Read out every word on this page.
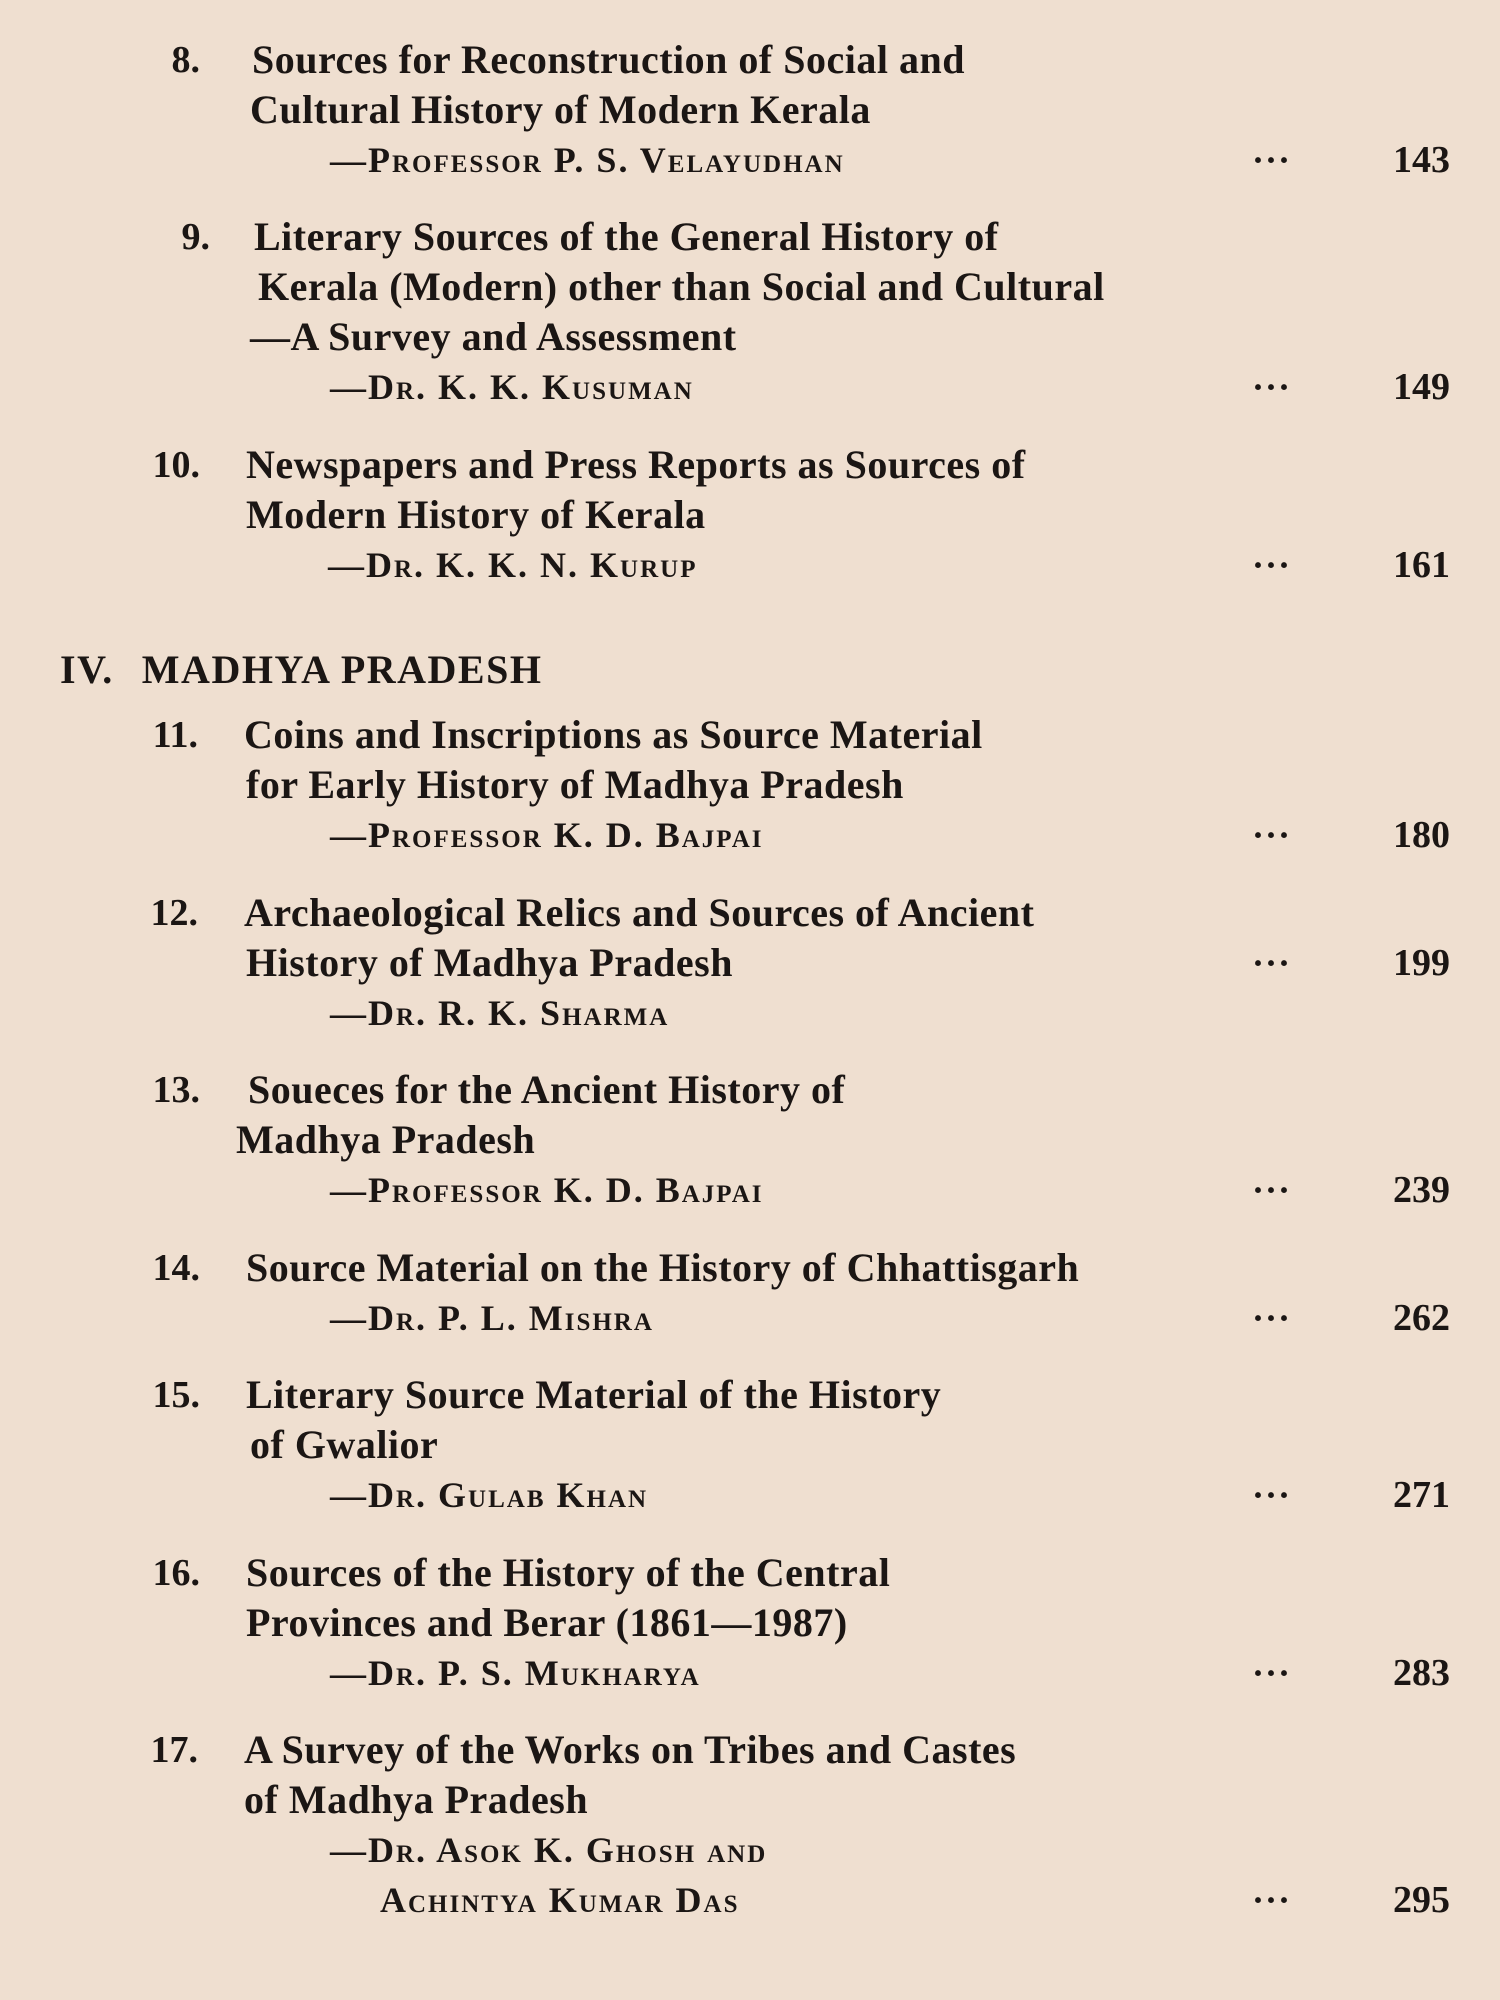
8. Sources for Reconstruction of Social and
Cultural History of Modern Kerala
—Professor P. S. Velayudhan	···	143
9. Literary Sources of the General History of
Kerala (Modern) other than Social and Cultural
—A Survey and Assessment
—Dr. K. K. Kusuman	···	149
10. Newspapers and Press Reports as Sources of
Modern History of Kerala
—Dr. K. K. N. Kurup	···	161
IV. MADHYA PRADESH
11. Coins and Inscriptions as Source Material
for Early History of Madhya Pradesh
—Professor K. D. Bajpai	···	180
12. Archaeological Relics and Sources of Ancient
History of Madhya Pradesh	···	199
—Dr. R. K. Sharma
13. Soueces for the Ancient History of
Madhya Pradesh
—Professor K. D. Bajpai	···	239
14. Source Material on the History of Chhattisgarh
—Dr. P. L. Mishra	···	262
15. Literary Source Material of the History
of Gwalior
—Dr. Gulab Khan	···	271
16. Sources of the History of the Central
Provinces and Berar (1861—1987)
—Dr. P. S. Mukharya	···	283
17. A Survey of the Works on Tribes and Castes
of Madhya Pradesh
—Dr. Asok K. Ghosh and
Achintya Kumar Das	···	295
